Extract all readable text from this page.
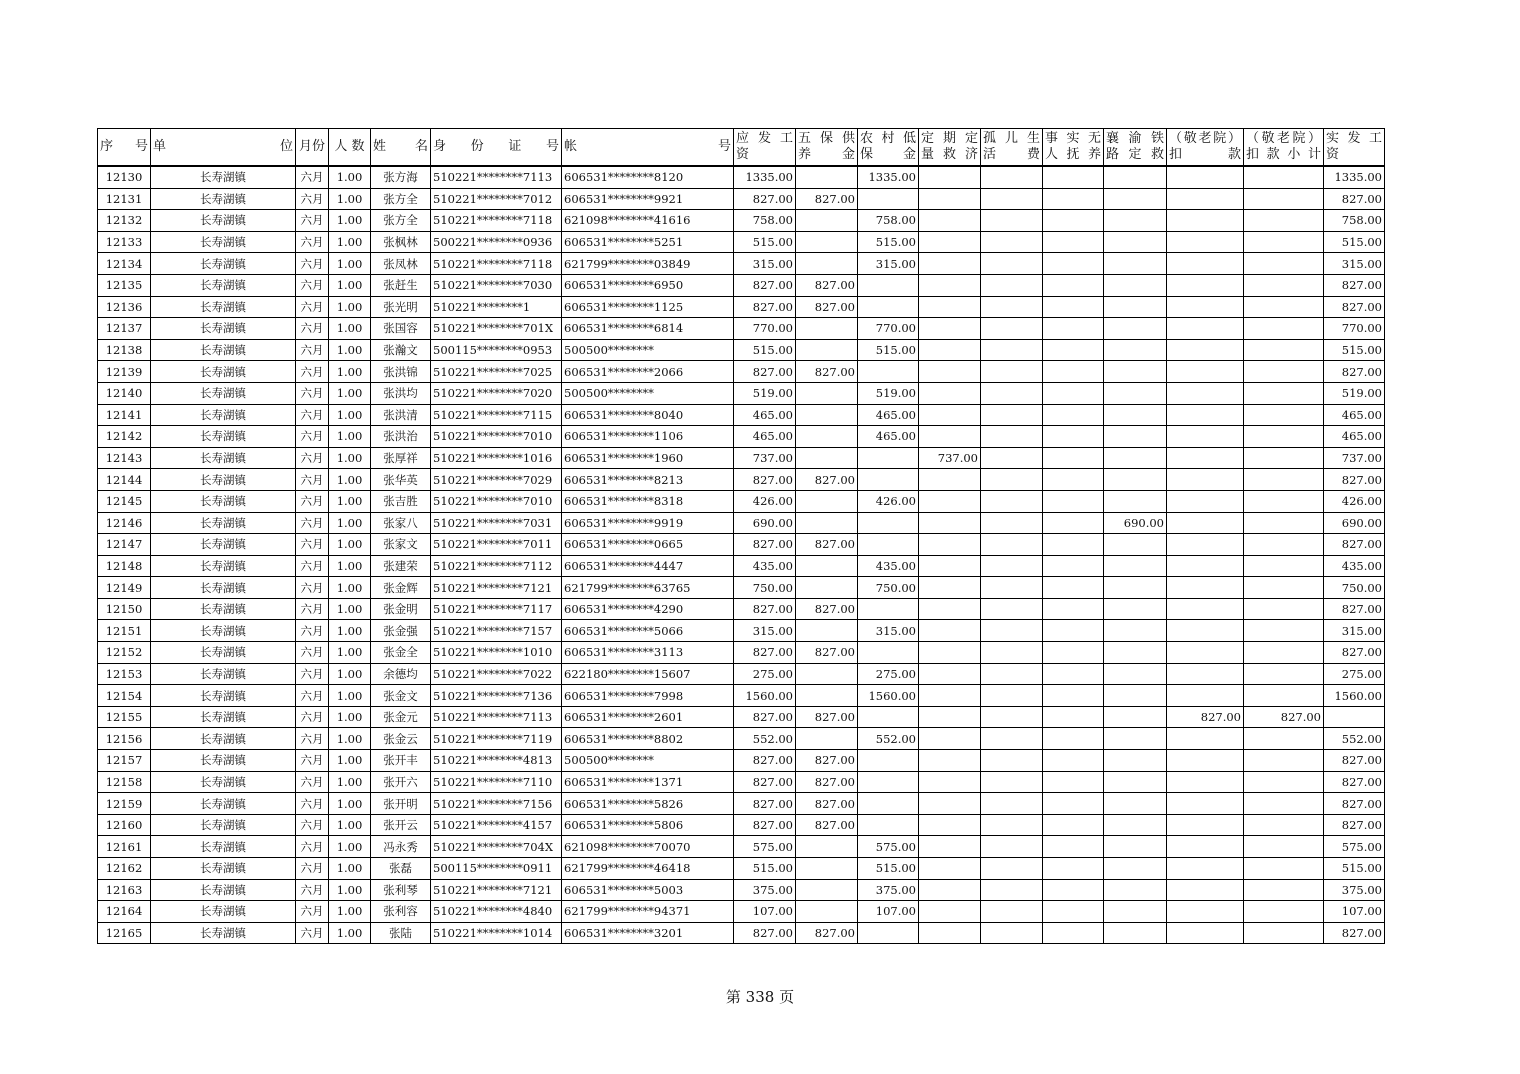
序　号	单　　　　　　　　位	月份	人 数	姓　　名	身　份　证　号	帐　　　　　　　　　　号	应 发 工 资	五 保 供 养 金	农 村 低 保 金	定 期 定 量 救 济	孤 儿 生 活 费	事 实 无 人 抚 养	襄 渝 铁 路 定 救	（敬老院） 扣　　款	（敬老院） 扣 款 小 计	实 发 工 资
12130	长寿湖镇	六月	1.00	张方海	510221********7113	606531********8120	1335.00		1335.00							1335.00
12131	长寿湖镇	六月	1.00	张方全	510221********7012	606531********9921	827.00	827.00								827.00
12132	长寿湖镇	六月	1.00	张方全	510221********7118	621098********41616	758.00		758.00							758.00
12133	长寿湖镇	六月	1.00	张枫林	500221********0936	606531********5251	515.00		515.00							515.00
12134	长寿湖镇	六月	1.00	张凤林	510221********7118	621799********03849	315.00		315.00							315.00
12135	长寿湖镇	六月	1.00	张赶生	510221********7030	606531********6950	827.00	827.00								827.00
12136	长寿湖镇	六月	1.00	张光明	510221********1	606531********1125	827.00	827.00								827.00
12137	长寿湖镇	六月	1.00	张国容	510221********701X	606531********6814	770.00		770.00							770.00
12138	长寿湖镇	六月	1.00	张瀚文	500115********0953	500500********	515.00		515.00							515.00
12139	长寿湖镇	六月	1.00	张洪锦	510221********7025	606531********2066	827.00	827.00								827.00
12140	长寿湖镇	六月	1.00	张洪均	510221********7020	500500********	519.00		519.00							519.00
12141	长寿湖镇	六月	1.00	张洪清	510221********7115	606531********8040	465.00		465.00							465.00
12142	长寿湖镇	六月	1.00	张洪治	510221********7010	606531********1106	465.00		465.00							465.00
12143	长寿湖镇	六月	1.00	张厚祥	510221********1016	606531********1960	737.00			737.00						737.00
12144	长寿湖镇	六月	1.00	张华英	510221********7029	606531********8213	827.00	827.00								827.00
12145	长寿湖镇	六月	1.00	张吉胜	510221********7010	606531********8318	426.00		426.00							426.00
12146	长寿湖镇	六月	1.00	张家八	510221********7031	606531********9919	690.00						690.00			690.00
12147	长寿湖镇	六月	1.00	张家文	510221********7011	606531********0665	827.00	827.00								827.00
12148	长寿湖镇	六月	1.00	张建荣	510221********7112	606531********4447	435.00		435.00							435.00
12149	长寿湖镇	六月	1.00	张金辉	510221********7121	621799********63765	750.00		750.00							750.00
12150	长寿湖镇	六月	1.00	张金明	510221********7117	606531********4290	827.00	827.00								827.00
12151	长寿湖镇	六月	1.00	张金强	510221********7157	606531********5066	315.00		315.00							315.00
12152	长寿湖镇	六月	1.00	张金全	510221********1010	606531********3113	827.00	827.00								827.00
12153	长寿湖镇	六月	1.00	余德均	510221********7022	622180********15607	275.00		275.00							275.00
12154	长寿湖镇	六月	1.00	张金文	510221********7136	606531********7998	1560.00		1560.00							1560.00
12155	长寿湖镇	六月	1.00	张金元	510221********7113	606531********2601	827.00	827.00						827.00	827.00	
12156	长寿湖镇	六月	1.00	张金云	510221********7119	606531********8802	552.00		552.00							552.00
12157	长寿湖镇	六月	1.00	张开丰	510221********4813	500500********	827.00	827.00								827.00
12158	长寿湖镇	六月	1.00	张开六	510221********7110	606531********1371	827.00	827.00								827.00
12159	长寿湖镇	六月	1.00	张开明	510221********7156	606531********5826	827.00	827.00								827.00
12160	长寿湖镇	六月	1.00	张开云	510221********4157	606531********5806	827.00	827.00								827.00
12161	长寿湖镇	六月	1.00	冯永秀	510221********704X	621098********70070	575.00		575.00							575.00
12162	长寿湖镇	六月	1.00	张磊	500115********0911	621799********46418	515.00		515.00							515.00
12163	长寿湖镇	六月	1.00	张利琴	510221********7121	606531********5003	375.00		375.00							375.00
12164	长寿湖镇	六月	1.00	张利容	510221********4840	621799********94371	107.00		107.00							107.00
12165	长寿湖镇	六月	1.00	张陆	510221********1014	606531********3201	827.00	827.00								827.00
第 338 页
